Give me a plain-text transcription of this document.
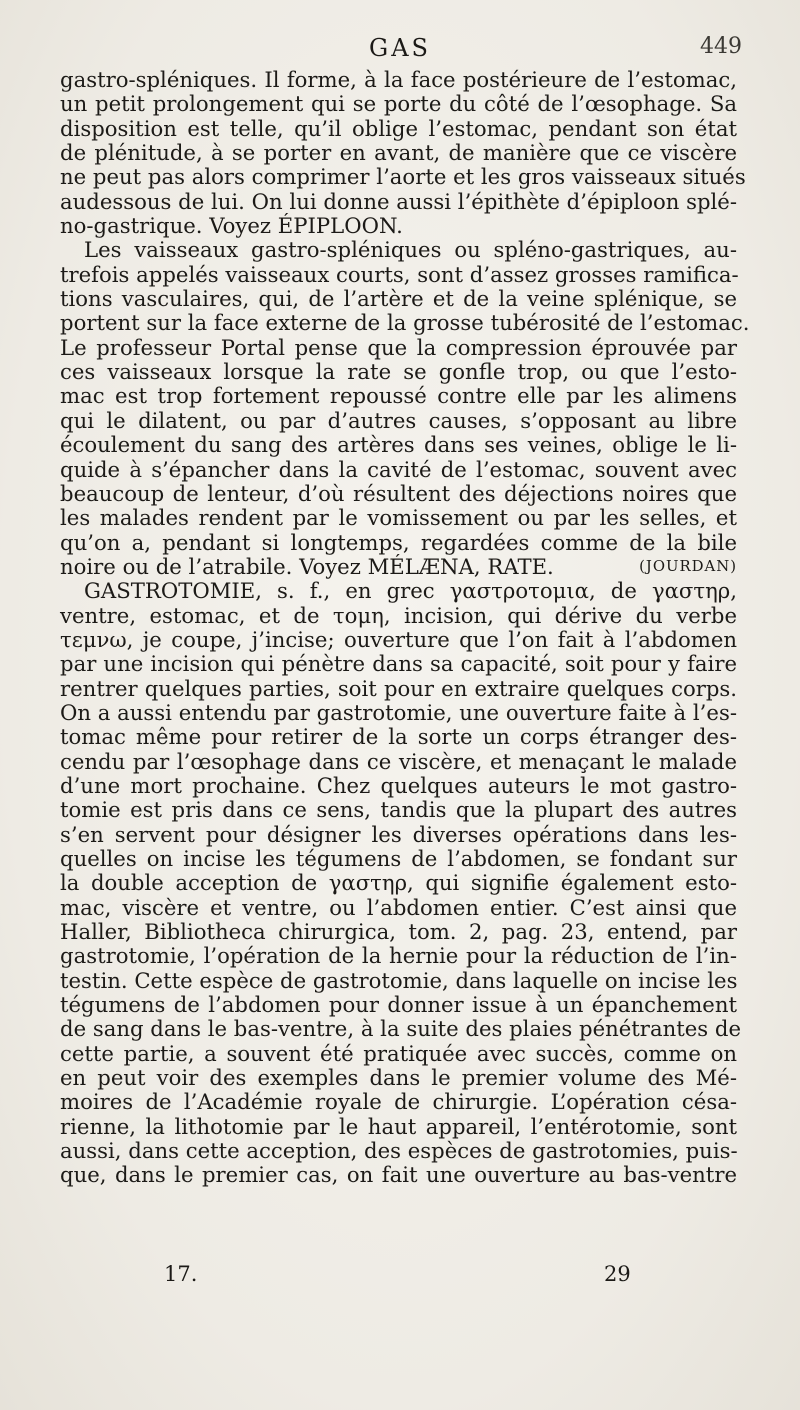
GAS	449
gastro-spléniques. Il forme, à la face postérieure de l’estomac,
un petit prolongement qui se porte du côté de l’œsophage. Sa
disposition est telle, qu’il oblige l’estomac, pendant son état
de plénitude, à se porter en avant, de manière que ce viscère
ne peut pas alors comprimer l’aorte et les gros vaisseaux situés
audessous de lui. On lui donne aussi l’épithète d’épiploon splé-
no-gastrique. Voyez ÉPIPLOON.
Les vaisseaux gastro-spléniques ou spléno-gastriques, au-
trefois appelés vaisseaux courts, sont d’assez grosses ramifica-
tions vasculaires, qui, de l’artère et de la veine splénique, se
portent sur la face externe de la grosse tubérosité de l’estomac.
Le professeur Portal pense que la compression éprouvée par
ces vaisseaux lorsque la rate se gonfle trop, ou que l’esto-
mac est trop fortement repoussé contre elle par les alimens
qui le dilatent, ou par d’autres causes, s’opposant au libre
écoulement du sang des artères dans ses veines, oblige le li-
quide à s’épancher dans la cavité de l’estomac, souvent avec
beaucoup de lenteur, d’où résultent des déjections noires que
les malades rendent par le vomissement ou par les selles, et
qu’on a, pendant si longtemps, regardées comme de la bile
noire ou de l’atrabile. Voyez MÉLÆNA, RATE.	(JOURDAN)
GASTROTOMIE, s. f., en grec γαστροτομια, de γαστηρ,
ventre, estomac, et de τομη, incision, qui dérive du verbe
τεμνω, je coupe, j’incise; ouverture que l’on fait à l’abdomen
par une incision qui pénètre dans sa capacité, soit pour y faire
rentrer quelques parties, soit pour en extraire quelques corps.
On a aussi entendu par gastrotomie, une ouverture faite à l’es-
tomac même pour retirer de la sorte un corps étranger des-
cendu par l’œsophage dans ce viscère, et menaçant le malade
d’une mort prochaine. Chez quelques auteurs le mot gastro-
tomie est pris dans ce sens, tandis que la plupart des autres
s’en servent pour désigner les diverses opérations dans les-
quelles on incise les tégumens de l’abdomen, se fondant sur
la double acception de γαστηρ, qui signifie également esto-
mac, viscère et ventre, ou l’abdomen entier. C’est ainsi que
Haller, Bibliotheca chirurgica, tom. 2, pag. 23, entend, par
gastrotomie, l’opération de la hernie pour la réduction de l’in-
testin. Cette espèce de gastrotomie, dans laquelle on incise les
tégumens de l’abdomen pour donner issue à un épanchement
de sang dans le bas-ventre, à la suite des plaies pénétrantes de
cette partie, a souvent été pratiquée avec succès, comme on
en peut voir des exemples dans le premier volume des Mé-
moires de l’Académie royale de chirurgie. L’opération césa-
rienne, la lithotomie par le haut appareil, l’entérotomie, sont
aussi, dans cette acception, des espèces de gastrotomies, puis-
que, dans le premier cas, on fait une ouverture au bas-ventre
17.	29
